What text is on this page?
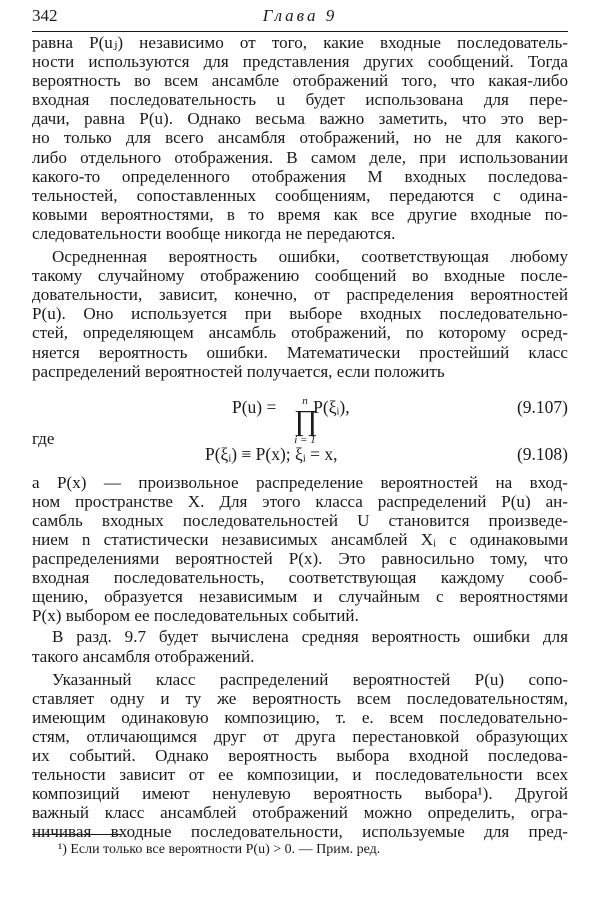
342	Глава 9
равна P(uⱼ) независимо от того, какие входные последователь-
ности используются для представления других сообщений. Тогда
вероятность во всем ансамбле отображений того, что какая-либо
входная последовательность u будет использована для пере-
дачи, равна P(u). Однако весьма важно заметить, что это вер-
но только для всего ансамбля отображений, но не для какого-
либо отдельного отображения. В самом деле, при использовании
какого-то определенного отображения M входных последова-
тельностей, сопоставленных сообщениям, передаются с одина-
ковыми вероятностями, в то время как все другие входные по-
следовательности вообще никогда не передаются.
Осредненная вероятность ошибки, соответствующая любому
такому случайному отображению сообщений во входные после-
довательности, зависит, конечно, от распределения вероятностей
P(u). Оно используется при выборе входных последовательно-
стей, определяющем ансамбль отображений, по которому осред-
няется вероятность ошибки. Математически простейший класс
распределений вероятностей получается, если положить
P(u) =	n
∏
i = 1
P(ξᵢ),	(9.107)
где
P(ξᵢ) ≡ P(x); ξᵢ = x,	(9.108)
а P(x) — произвольное распределение вероятностей на вход-
ном пространстве X. Для этого класса распределений P(u) ан-
самбль входных последовательностей U становится произведе-
нием n статистически независимых ансамблей Xᵢ с одинаковыми
распределениями вероятностей P(x). Это равносильно тому, что
входная последовательность, соответствующая каждому сооб-
щению, образуется независимым и случайным с вероятностями
P(x) выбором ее последовательных событий.
В разд. 9.7 будет вычислена средняя вероятность ошибки для
такого ансамбля отображений.
Указанный класс распределений вероятностей P(u) сопо-
ставляет одну и ту же вероятность всем последовательностям,
имеющим одинаковую композицию, т. е. всем последовательно-
стям, отличающимся друг от друга перестановкой образующих
их событий. Однако вероятность выбора входной последова-
тельности зависит от ее композиции, и последовательности всех
композиций имеют ненулевую вероятность выбора¹). Другой
важный класс ансамблей отображений можно определить, огра-
ничивая входные последовательности, используемые для пред-
¹) Если только все вероятности P(u) > 0. — Прим. ред.
